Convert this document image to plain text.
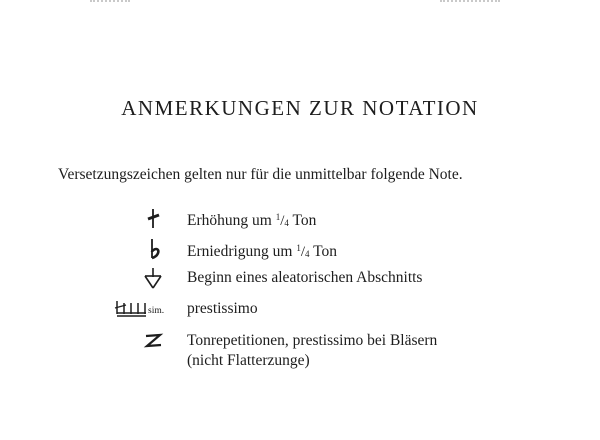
ANMERKUNGEN ZUR NOTATION
Versetzungszeichen gelten nur für die unmittelbar folgende Note.
Erhöhung um $^1/_4$ Ton
Erniedrigung um $^1/_4$ Ton
Beginn eines aleatorischen Abschnitts
sim. prestissimo
Tonrepetitionen, prestissimo bei Bläsern
(nicht Flatterzunge)
